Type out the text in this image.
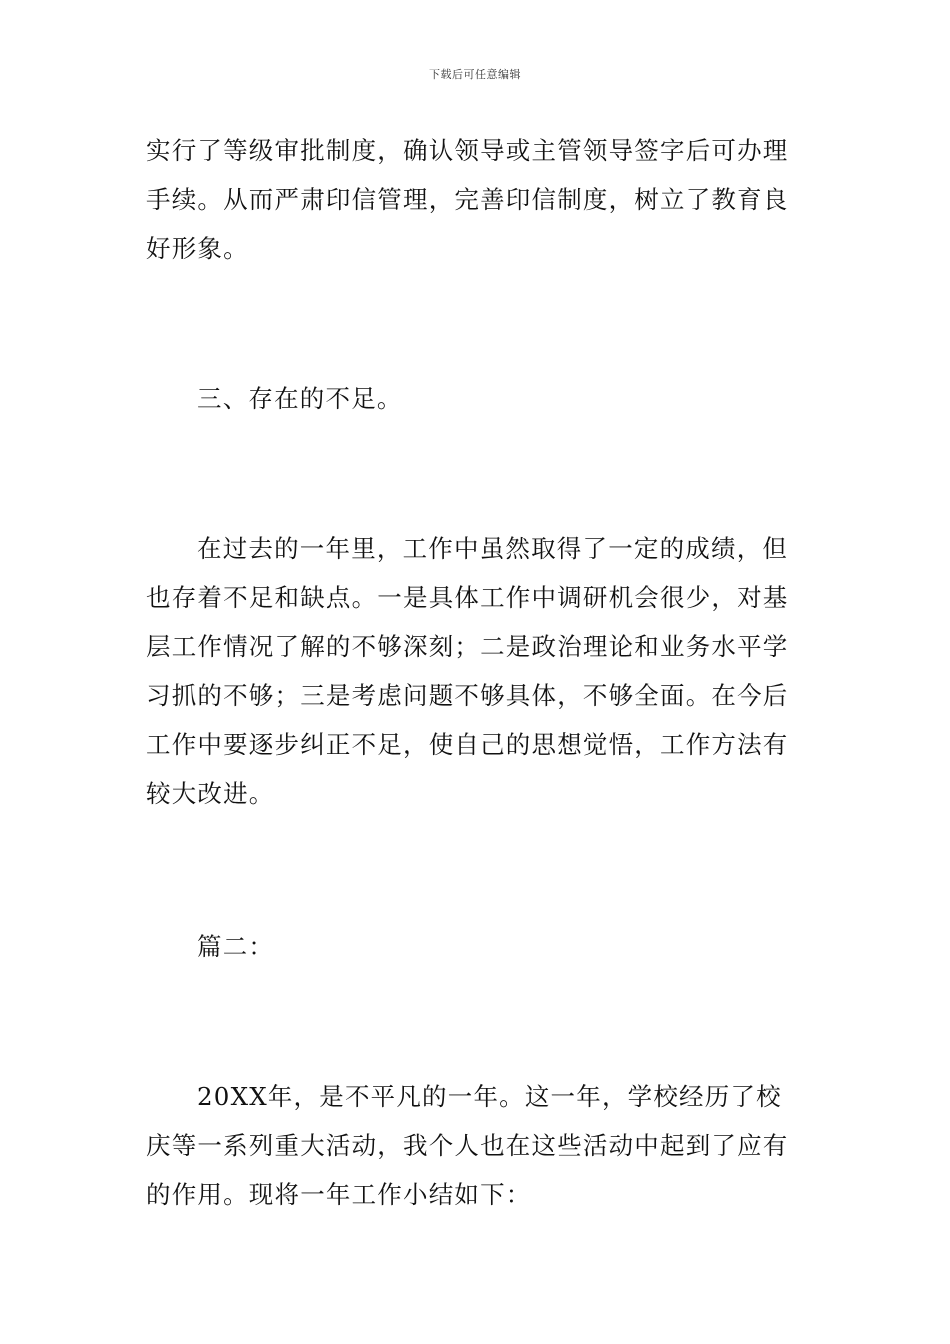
下载后可任意编辑

实行了等级审批制度，确认领导或主管领导签字后可办理手续。从而严肃印信管理，完善印信制度，树立了教育良好形象。

三、存在的不足。

在过去的一年里，工作中虽然取得了一定的成绩，但也存着不足和缺点。一是具体工作中调研机会很少，对基层工作情况了解的不够深刻；二是政治理论和业务水平学习抓的不够；三是考虑问题不够具体，不够全面。在今后工作中要逐步纠正不足，使自己的思想觉悟，工作方法有较大改进。

篇二：

20XX年，是不平凡的一年。这一年，学校经历了校庆等一系列重大活动，我个人也在这些活动中起到了应有的作用。现将一年工作小结如下：
